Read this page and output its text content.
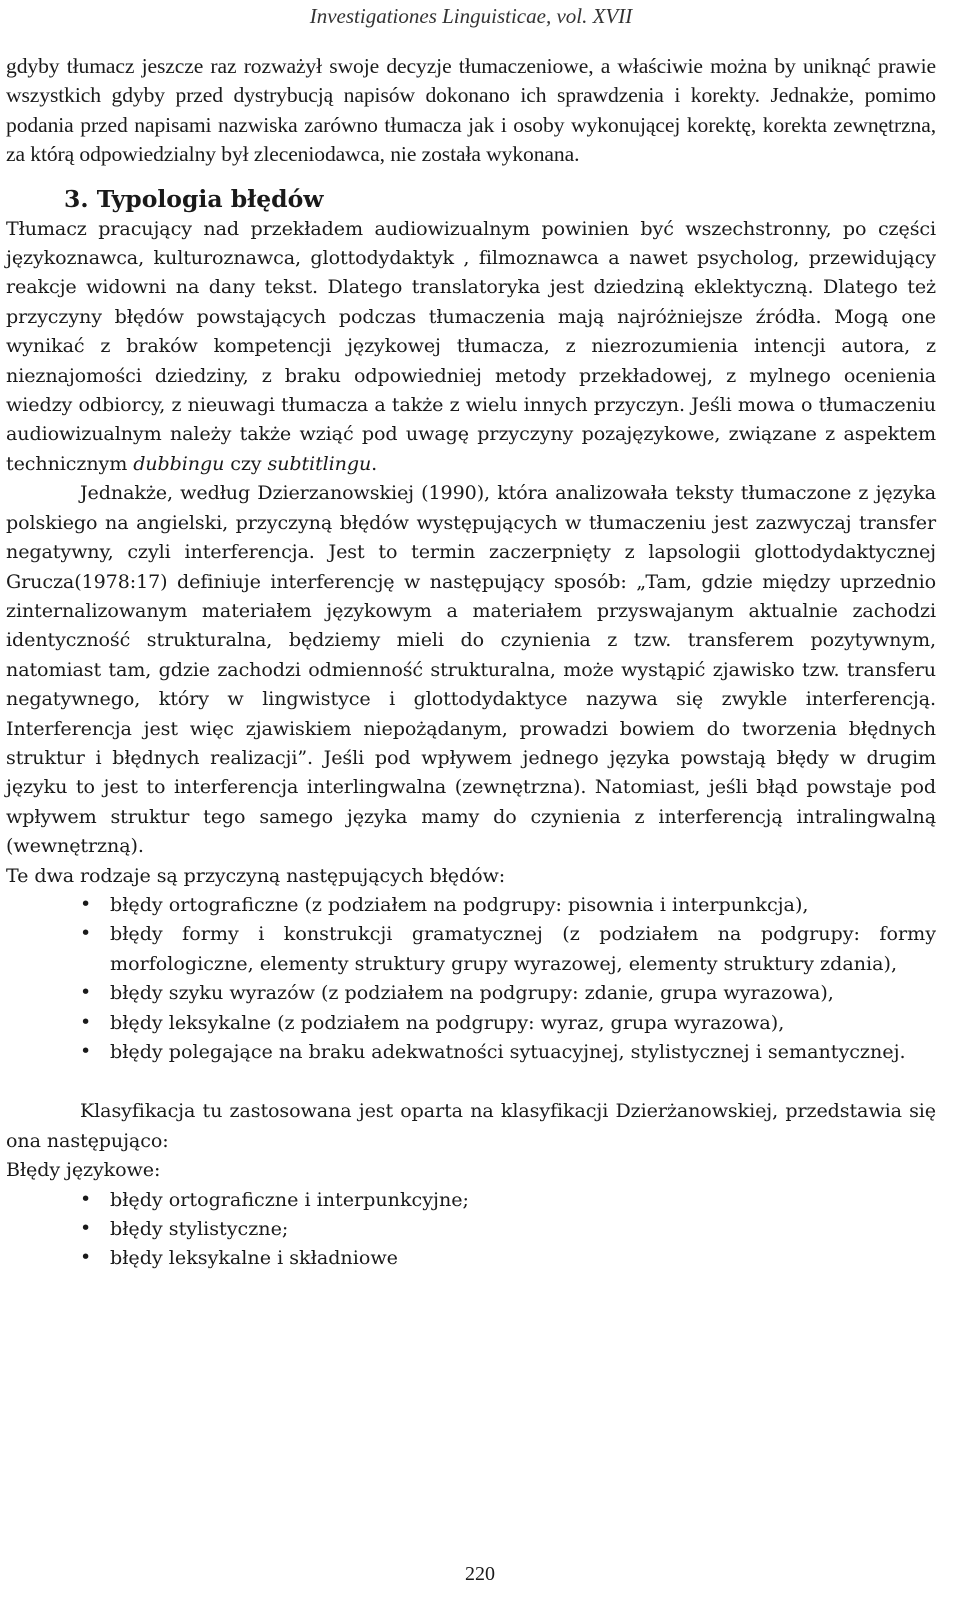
Investigationes Linguisticae, vol. XVII

gdyby tłumacz jeszcze raz rozważył swoje decyzje tłumaczeniowe, a właściwie można by uniknąć prawie wszystkich gdyby przed dystrybucją napisów dokonano ich sprawdzenia i korekty. Jednakże, pomimo podania przed napisami nazwiska zarówno tłumacza jak i osoby wykonującej korektę, korekta zewnętrzna, za którą odpowiedzialny był zleceniodawca, nie została wykonana.

3. Typologia błędów

Tłumacz pracujący nad przekładem audiowizualnym powinien być wszechstronny, po części językoznawca, kulturoznawca, glottodydaktyk , filmoznawca a nawet psycholog, przewidujący reakcje widowni na dany tekst. Dlatego translatoryka jest dziedziną eklektyczną. Dlatego też przyczyny błędów powstających podczas tłumaczenia mają najróżniejsze źródła. Mogą one wynikać z braków kompetencji językowej tłumacza, z niezrozumienia intencji autora, z nieznajomości dziedziny, z braku odpowiedniej metody przekładowej, z mylnego ocenienia wiedzy odbiorcy, z nieuwagi tłumacza a także z wielu innych przyczyn. Jeśli mowa o tłumaczeniu audiowizualnym należy także wziąć pod uwagę przyczyny pozajęzykowe, związane z aspektem technicznym dubbingu czy subtitlingu.

Jednakże, według Dzierzanowskiej (1990), która analizowała teksty tłumaczone z języka polskiego na angielski, przyczyną błędów występujących w tłumaczeniu jest zazwyczaj transfer negatywny, czyli interferencja. Jest to termin zaczerpnięty z lapsologii glottodydaktycznej Grucza(1978:17) definiuje interferencję w następujący sposób: „Tam, gdzie między uprzednio zinternalizowanym materiałem językowym a materiałem przyswajanym aktualnie zachodzi identyczność strukturalna, będziemy mieli do czynienia z tzw. transferem pozytywnym, natomiast tam, gdzie zachodzi odmienność strukturalna, może wystąpić zjawisko tzw. transferu negatywnego, który w lingwistyce i glottodydaktyce nazywa się zwykle interferencją. Interferencja jest więc zjawiskiem niepożądanym, prowadzi bowiem do tworzenia błędnych struktur i błędnych realizacji”. Jeśli pod wpływem jednego języka powstają błędy w drugim języku to jest to interferencja interlingwalna (zewnętrzna). Natomiast, jeśli błąd powstaje pod wpływem struktur tego samego języka mamy do czynienia z interferencją intralingwalną (wewnętrzną).

Te dwa rodzaje są przyczyną następujących błędów:

• błędy ortograficzne (z podziałem na podgrupy: pisownia i interpunkcja),
• błędy formy i konstrukcji gramatycznej (z podziałem na podgrupy: formy morfologiczne, elementy struktury grupy wyrazowej, elementy struktury zdania),
• błędy szyku wyrazów (z podziałem na podgrupy: zdanie, grupa wyrazowa),
• błędy leksykalne (z podziałem na podgrupy: wyraz, grupa wyrazowa),
• błędy polegające na braku adekwatności sytuacyjnej, stylistycznej i semantycznej.

Klasyfikacja tu zastosowana jest oparta na klasyfikacji Dzierżanowskiej, przedstawia się ona następująco:

Błędy językowe:

• błędy ortograficzne i interpunkcyjne;
• błędy stylistyczne;
• błędy leksykalne i składniowe
220
